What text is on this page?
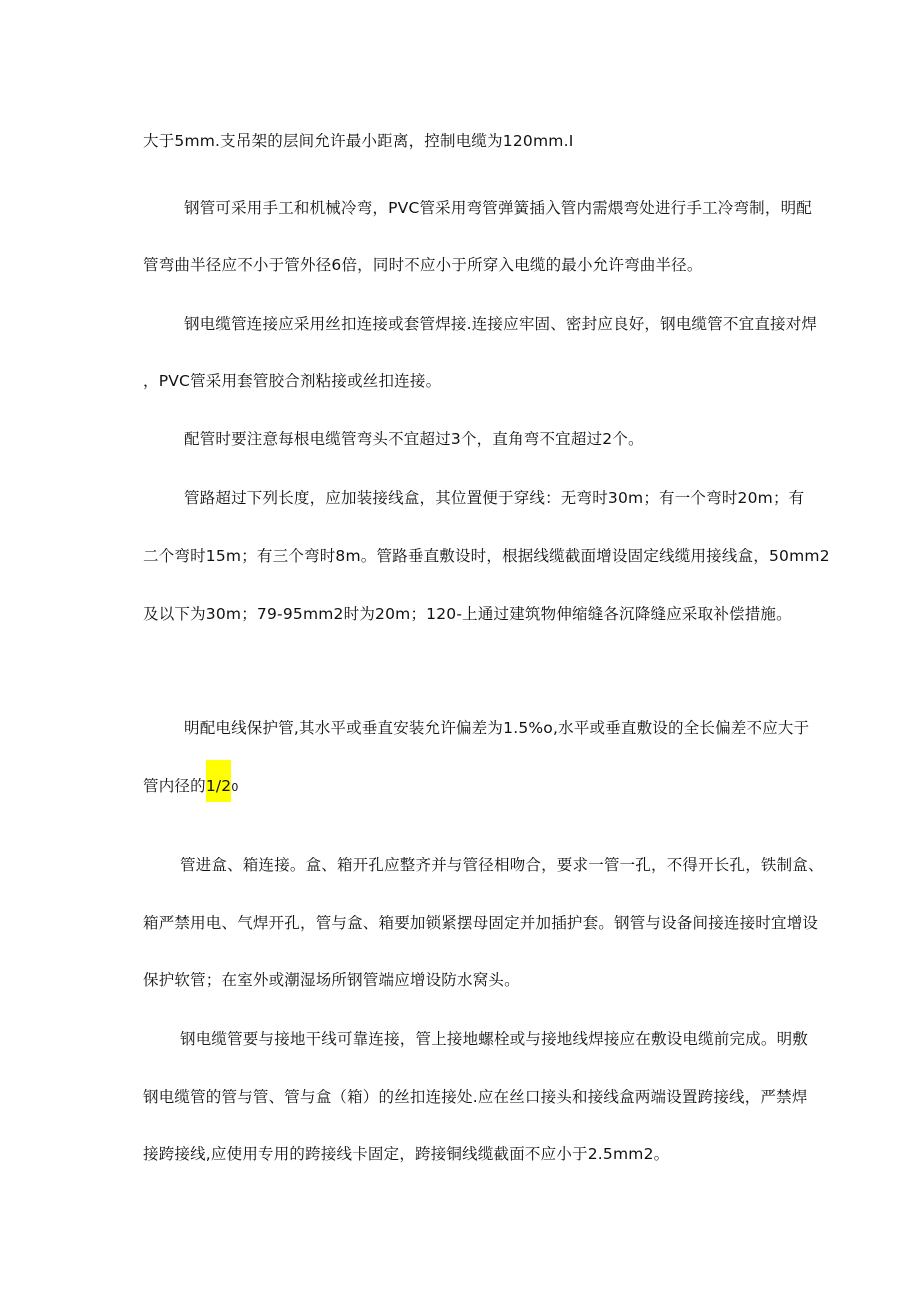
大于5mm.支吊架的层间允许最小距离，控制电缆为120mm.I
钢管可采用手工和机械冷弯，PVC管采用弯管弹簧插入管内需煨弯处进行手工冷弯制，明配
管弯曲半径应不小于管外径6倍，同时不应小于所穿入电缆的最小允许弯曲半径。
钢电缆管连接应采用丝扣连接或套管焊接.连接应牢固、密封应良好，钢电缆管不宜直接对焊
，PVC管采用套管胶合剂粘接或丝扣连接。
配管时要注意每根电缆管弯头不宜超过3个，直角弯不宜超过2个。
管路超过下列长度，应加装接线盒，其位置便于穿线：无弯时30m；有一个弯时20m；有
二个弯时15m；有三个弯时8m。管路垂直敷设时，根据线缆截面增设固定线缆用接线盒，50mm2
及以下为30m；79-95mm2时为20m；120-上通过建筑物伸缩缝各沉降缝应采取补偿措施。
明配电线保护管,其水平或垂直安装允许偏差为1.5%o,水平或垂直敷设的全长偏差不应大于
管内径的1/20
管进盒、箱连接。盒、箱开孔应整齐并与管径相吻合，要求一管一孔，不得开长孔，铁制盒、
箱严禁用电、气焊开孔，管与盒、箱要加锁紧摆母固定并加插护套。钢管与设备间接连接时宜增设
保护软管；在室外或潮湿场所钢管端应增设防水窝头。
钢电缆管要与接地干线可靠连接，管上接地螺栓或与接地线焊接应在敷设电缆前完成。明敷
钢电缆管的管与管、管与盒（箱）的丝扣连接处.应在丝口接头和接线盒两端设置跨接线，严禁焊
接跨接线,应使用专用的跨接线卡固定，跨接铜线缆截面不应小于2.5mm2。
